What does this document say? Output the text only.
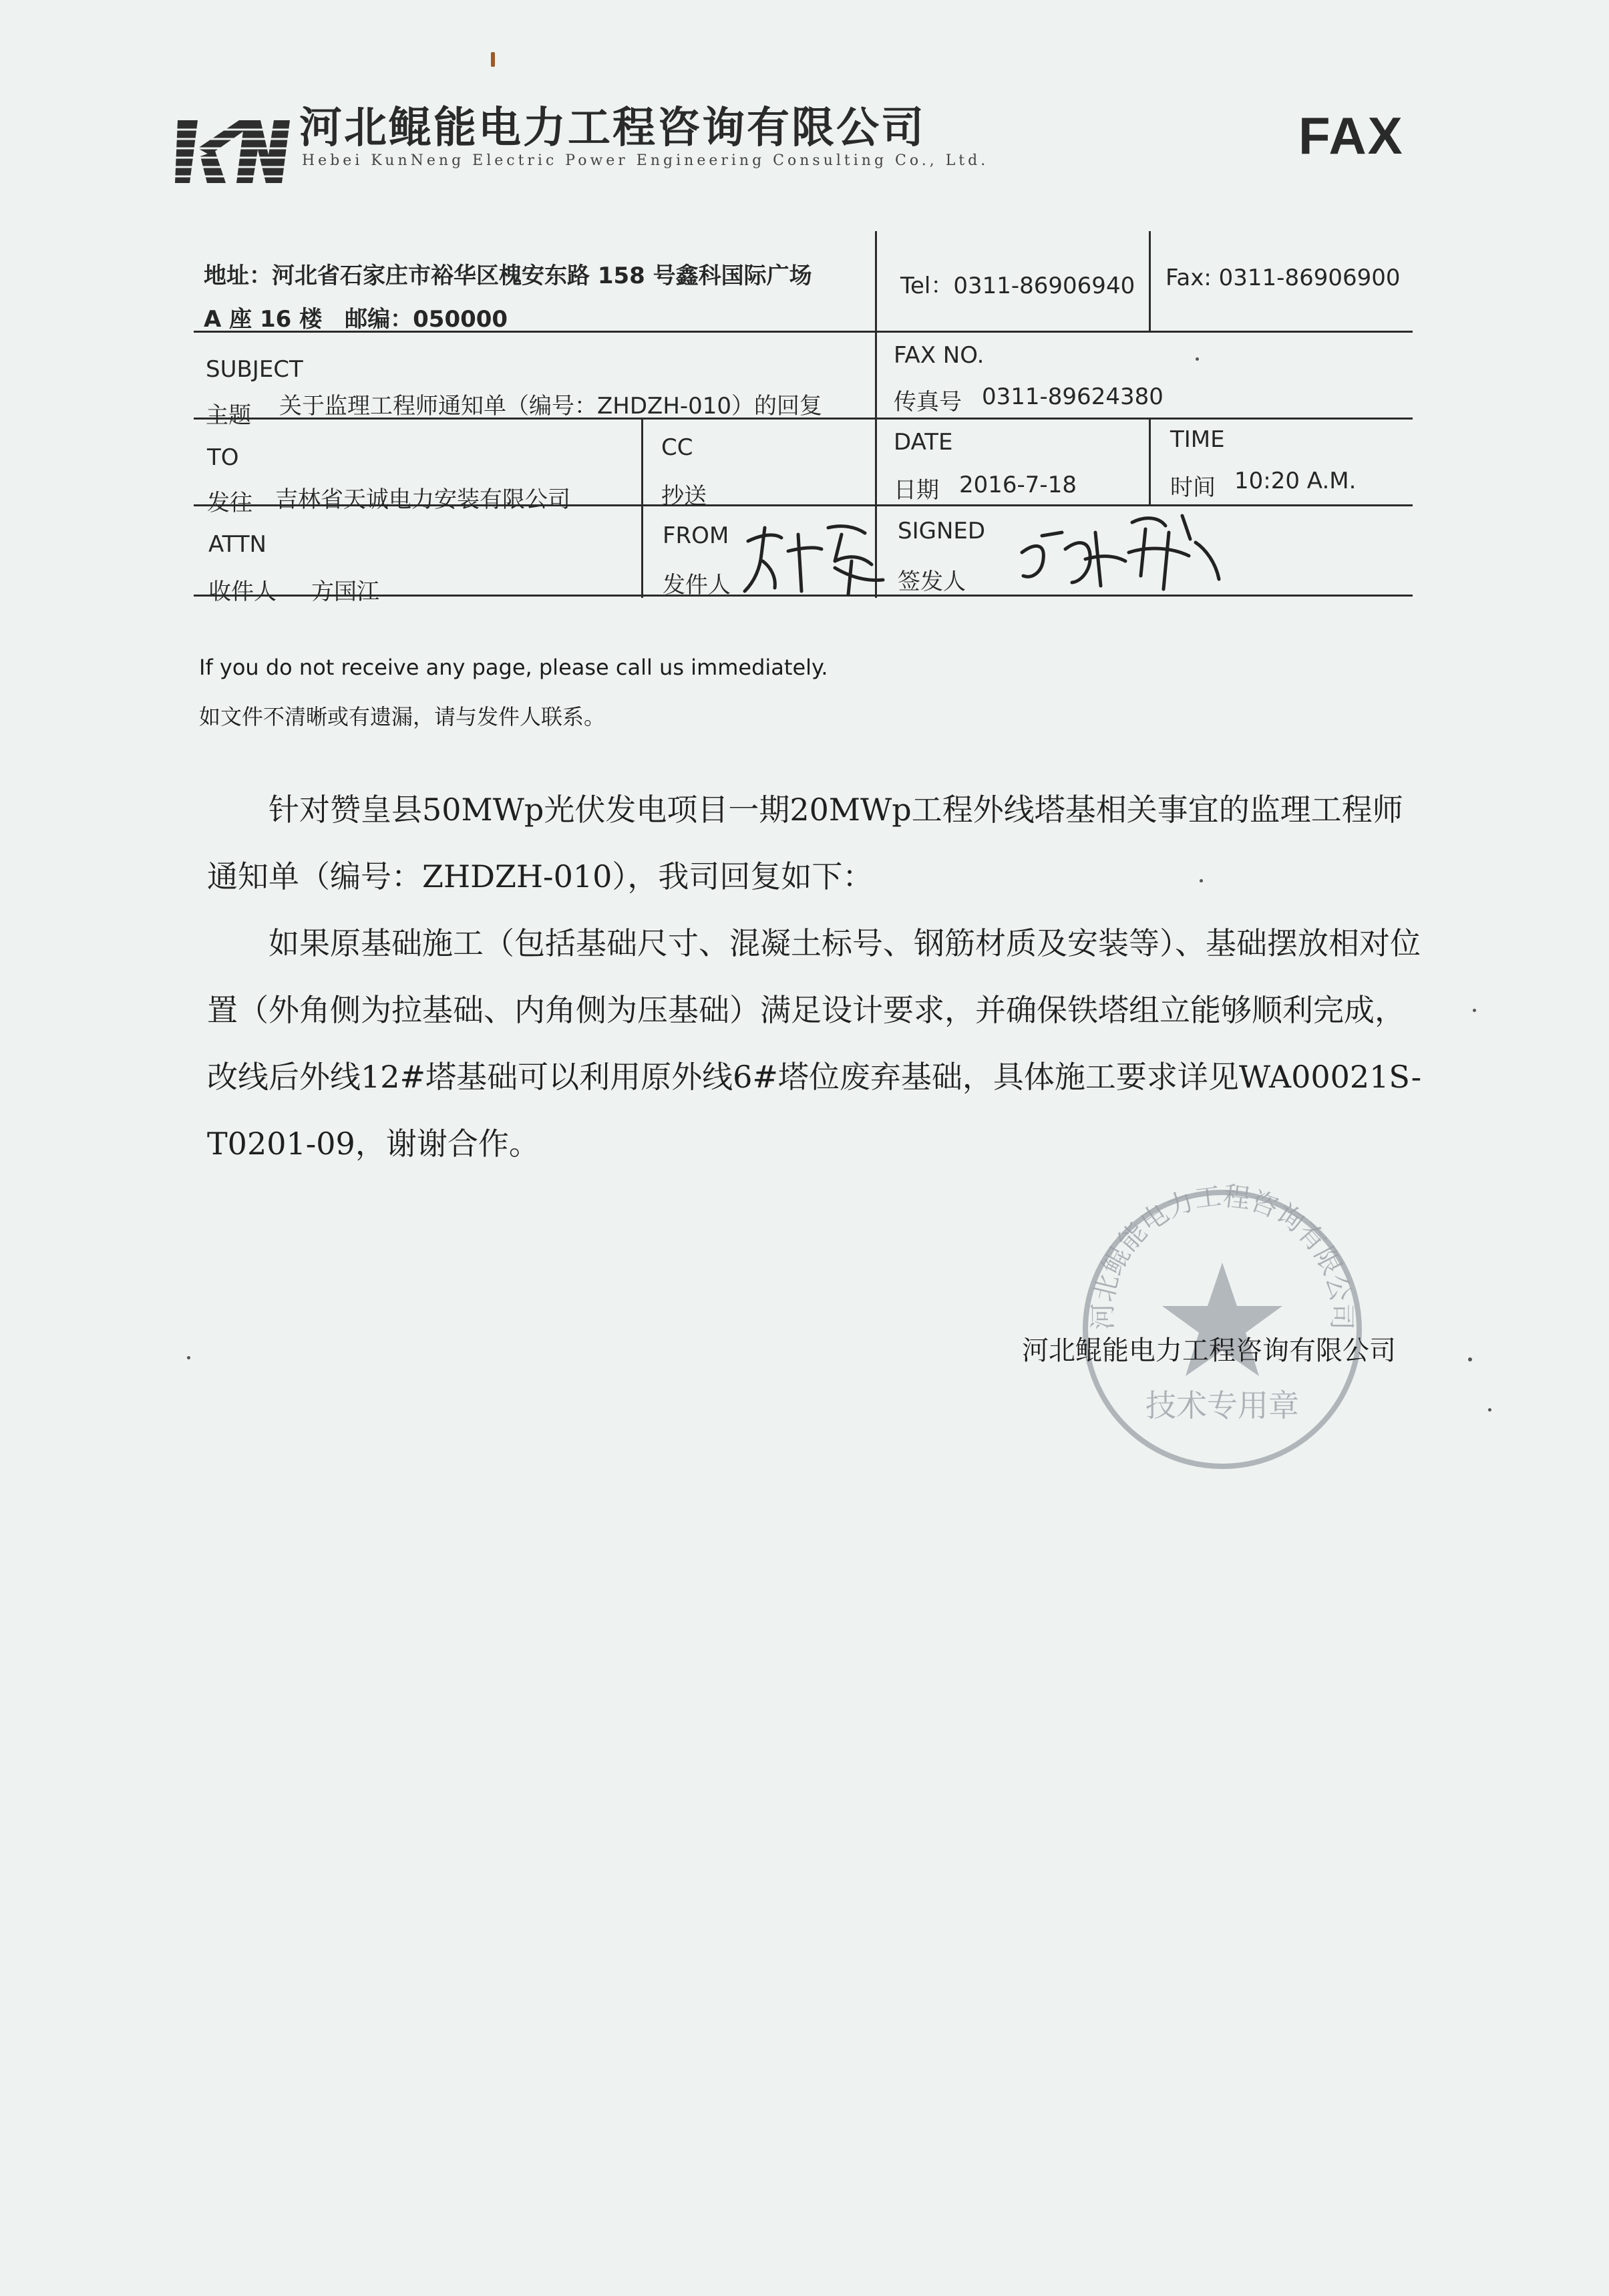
河北鲲能电力工程咨询有限公司
Hebei KunNeng Electric Power Engineering Consulting Co., Ltd.	FAX
地址：河北省石家庄市裕华区槐安东路 158 号鑫科国际广场
A 座 16 楼　邮编：050000
Tel：0311-86906940 Fax: 0311-86906900
SUBJECT
主题 关于监理工程师通知单（编号：ZHDZH-010）的回复
FAX NO.
传真号 0311-89624380
TO
发往 吉林省天诚电力安装有限公司
CC
抄送
DATE
日期 2016-7-18
TIME
时间 10:20 A.M.
ATTN
收件人 方国江
FROM
发件人
SIGNED
签发人
If you do not receive any page, please call us immediately.
如文件不清晰或有遗漏，请与发件人联系。
针对赞皇县50MWp光伏发电项目一期20MWp工程外线塔基相关事宜的监理工程师通知单（编号：ZHDZH-010），我司回复如下：
如果原基础施工（包括基础尺寸、混凝土标号、钢筋材质及安装等）、基础摆放相对位置（外角侧为拉基础、内角侧为压基础）满足设计要求，并确保铁塔组立能够顺利完成，改线后外线12#塔基础可以利用原外线6#塔位废弃基础，具体施工要求详见WA00021S-T0201-09，谢谢合作。
河北鲲能电力工程咨询有限公司
技术专用章
河北鲲能电力工程咨询有限公司
